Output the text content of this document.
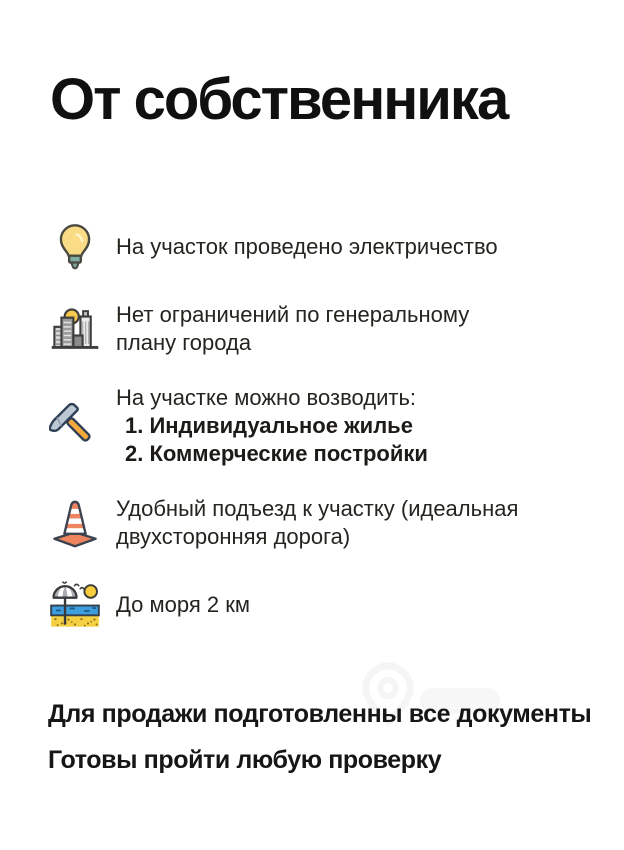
От собственника
На участок проведено электричество
Нет ограничений по генеральному
плану города
На участке можно возводить:
1. Индивидуальное жилье
2. Коммерческие постройки
Удобный подъезд к участку (идеальная
двухсторонняя дорога)
До моря 2 км
Для продажи подготовленны все документы
Готовы пройти любую проверку
